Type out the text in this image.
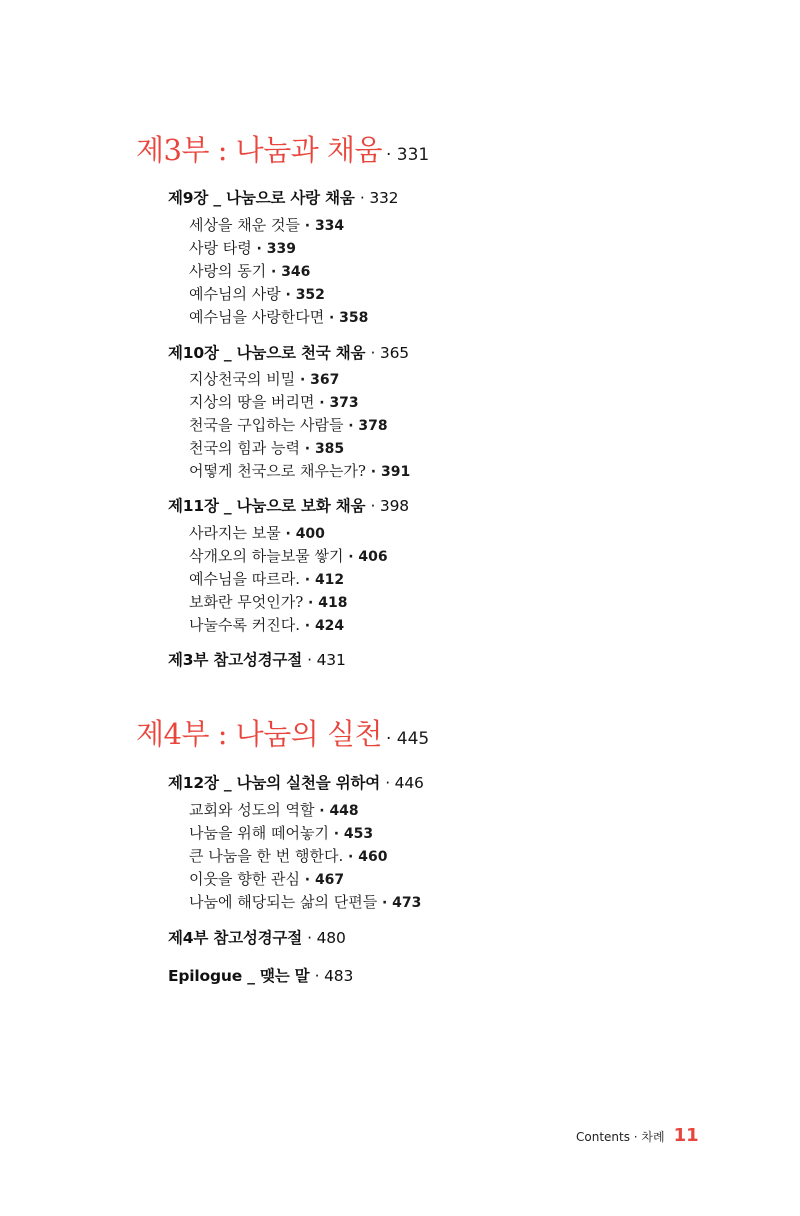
제3부 : 나눔과 채움 · 331
제9장 _ 나눔으로 사랑 채움 · 332
세상을 채운 것들 · 334
사랑 타령 · 339
사랑의 동기 · 346
예수님의 사랑 · 352
예수님을 사랑한다면 · 358
제10장 _ 나눔으로 천국 채움 · 365
지상천국의 비밀 · 367
지상의 땅을 버리면 · 373
천국을 구입하는 사람들 · 378
천국의 힘과 능력 · 385
어떻게 천국으로 채우는가? · 391
제11장 _ 나눔으로 보화 채움 · 398
사라지는 보물 · 400
삭개오의 하늘보물 쌓기 · 406
예수님을 따르라. · 412
보화란 무엇인가? · 418
나눌수록 커진다. · 424
제3부 참고성경구절 · 431
제4부 : 나눔의 실천 · 445
제12장 _ 나눔의 실천을 위하여 · 446
교회와 성도의 역할 · 448
나눔을 위해 떼어놓기 · 453
큰 나눔을 한 번 행한다. · 460
이웃을 향한 관심 · 467
나눔에 해당되는 삶의 단편들 · 473
제4부 참고성경구절 · 480
Epilogue _ 맺는 말 · 483
Contents · 차례 11
